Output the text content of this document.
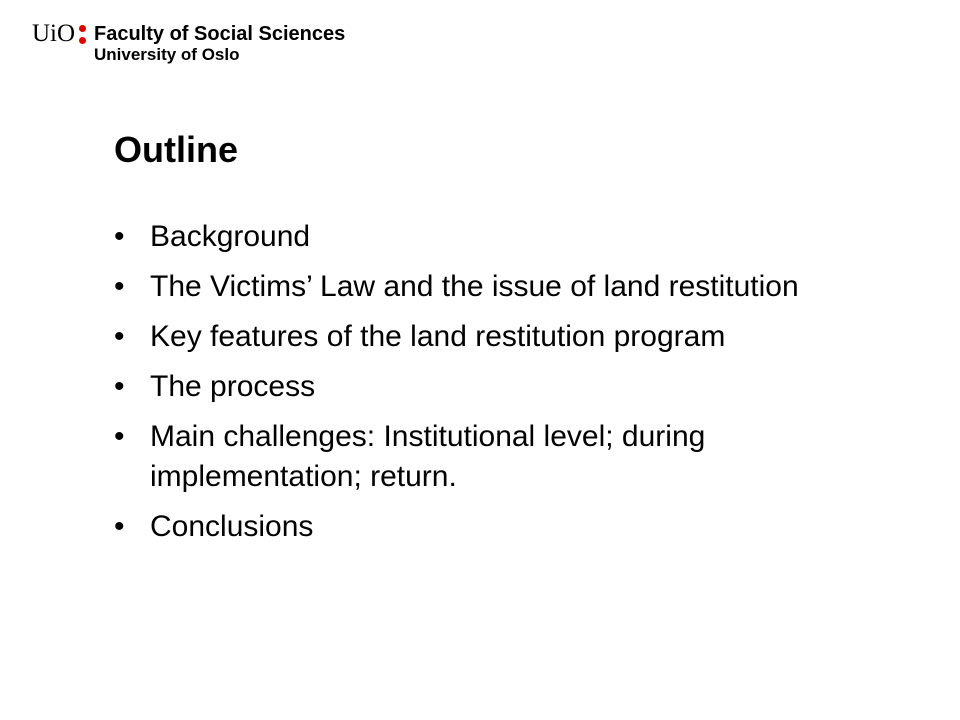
UiO Faculty of Social Sciences
University of Oslo
Outline
• Background
• The Victims’ Law and the issue of land restitution
• Key features of the land restitution program
• The process
• Main challenges: Institutional level; during implementation; return.
• Conclusions
